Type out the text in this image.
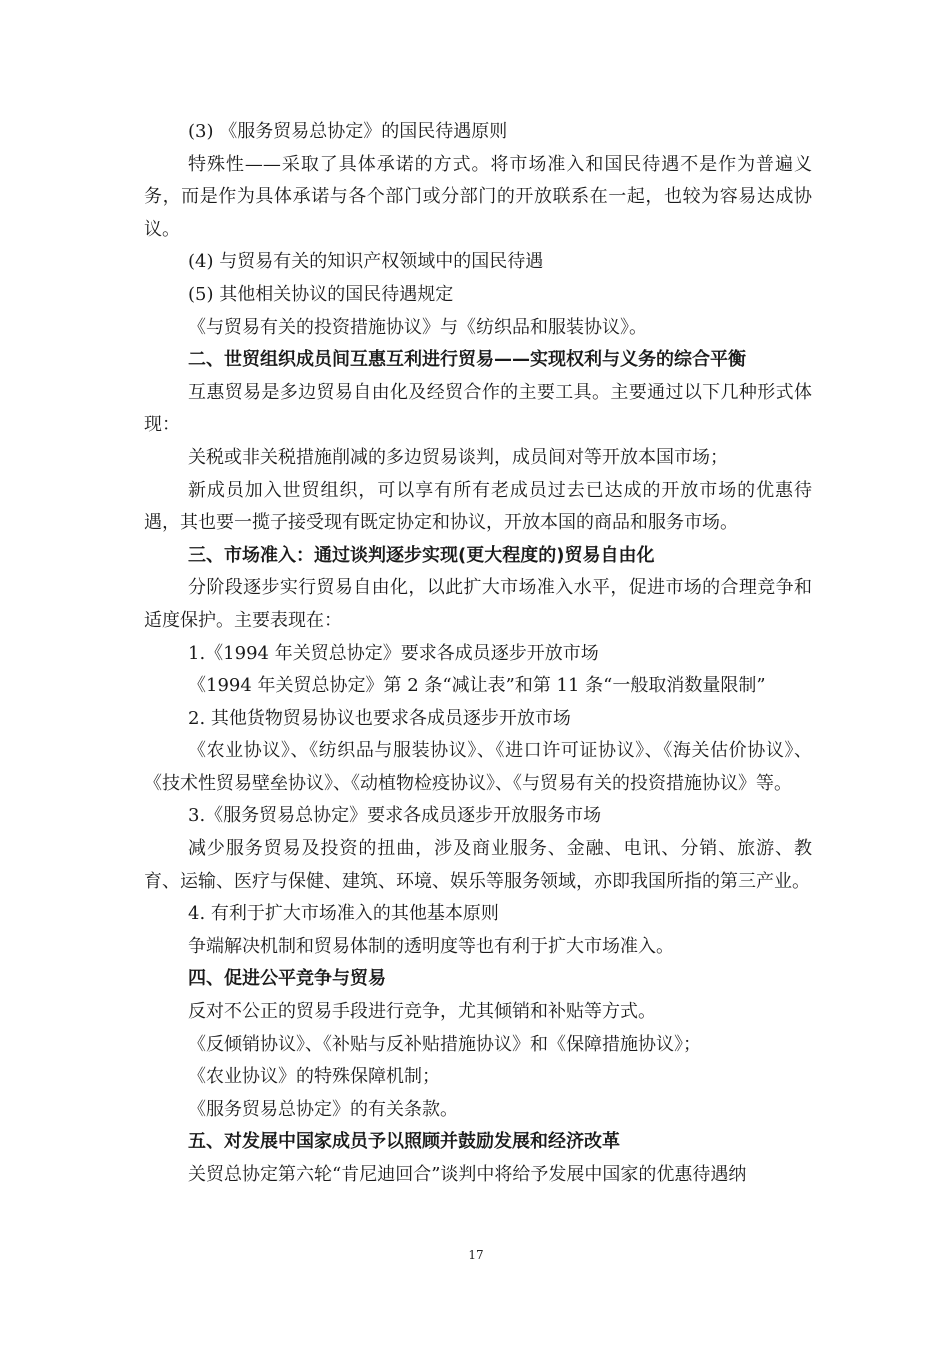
(3) 《服务贸易总协定》的国民待遇原则

特殊性——采取了具体承诺的方式。将市场准入和国民待遇不是作为普遍义务，而是作为具体承诺与各个部门或分部门的开放联系在一起，也较为容易达成协议。

(4) 与贸易有关的知识产权领域中的国民待遇

(5) 其他相关协议的国民待遇规定

《与贸易有关的投资措施协议》与《纺织品和服装协议》。

二、世贸组织成员间互惠互利进行贸易——实现权利与义务的综合平衡

互惠贸易是多边贸易自由化及经贸合作的主要工具。主要通过以下几种形式体现：

关税或非关税措施削减的多边贸易谈判，成员间对等开放本国市场；

新成员加入世贸组织，可以享有所有老成员过去已达成的开放市场的优惠待遇，其也要一揽子接受现有既定协定和协议，开放本国的商品和服务市场。

三、市场准入：通过谈判逐步实现(更大程度的)贸易自由化

分阶段逐步实行贸易自由化，以此扩大市场准入水平，促进市场的合理竞争和适度保护。主要表现在：

1.《1994 年关贸总协定》要求各成员逐步开放市场

《1994 年关贸总协定》第 2 条“减让表”和第 11 条“一般取消数量限制”

2. 其他货物贸易协议也要求各成员逐步开放市场

《农业协议》、《纺织品与服装协议》、《进口许可证协议》、《海关估价协议》、《技术性贸易壁垒协议》、《动植物检疫协议》、《与贸易有关的投资措施协议》等。

3.《服务贸易总协定》要求各成员逐步开放服务市场

减少服务贸易及投资的扭曲，涉及商业服务、金融、电讯、分销、旅游、教育、运输、医疗与保健、建筑、环境、娱乐等服务领域，亦即我国所指的第三产业。

4. 有利于扩大市场准入的其他基本原则

争端解决机制和贸易体制的透明度等也有利于扩大市场准入。

四、促进公平竞争与贸易

反对不公正的贸易手段进行竞争，尤其倾销和补贴等方式。

《反倾销协议》、《补贴与反补贴措施协议》和《保障措施协议》；

《农业协议》的特殊保障机制；

《服务贸易总协定》的有关条款。

五、对发展中国家成员予以照顾并鼓励发展和经济改革

关贸总协定第六轮“肯尼迪回合”谈判中将给予发展中国家的优惠待遇纳

17
